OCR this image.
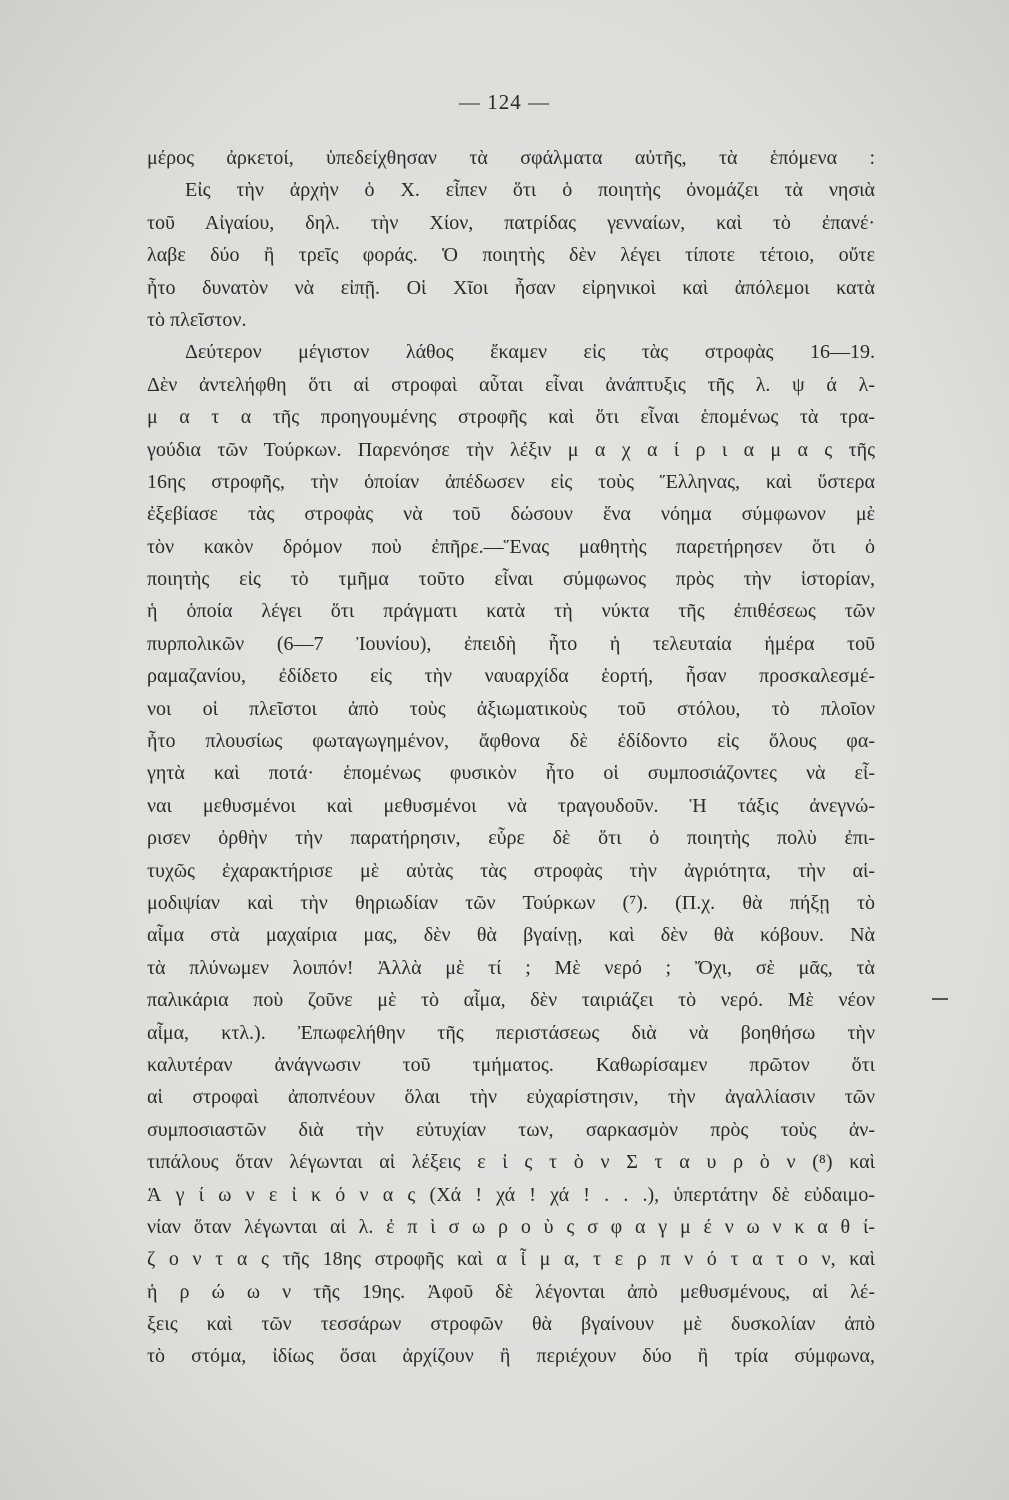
— 124 —
μέρος ἀρκετοί, ὑπεδείχθησαν τὰ σφάλματα αὐτῆς, τὰ ἑπόμενα :
Εἰς τὴν ἀρχὴν ὁ Χ. εἶπεν ὅτι ὁ ποιητὴς ὀνομάζει τὰ νησιὰ
τοῦ Αἰγαίου, δηλ. τὴν Χίον, πατρίδας γενναίων, καὶ τὸ ἐπανέ·
λαβε δύο ἢ τρεῖς φοράς. Ὁ ποιητὴς δὲν λέγει τίποτε τέτοιο, οὔτε
ἦτο δυνατὸν νὰ εἰπῇ. Οἱ Χῖοι ἦσαν εἰρηνικοὶ καὶ ἀπόλεμοι κατὰ
τὸ πλεῖστον.
Δεύτερον μέγιστον λάθος ἔκαμεν εἰς τὰς στροφὰς 16—19.
Δὲν ἀντελήφθη ὅτι αἱ στροφαὶ αὗται εἶναι ἀνάπτυξις τῆς λ. ψ ά λ-
μ α τ α τῆς προηγουμένης στροφῆς καὶ ὅτι εἶναι ἑπομένως τὰ τρα-
γούδια τῶν Τούρκων. Παρενόησε τὴν λέξιν μ α χ α ί ρ ι α μ α ς τῆς
16ης στροφῆς, τὴν ὁποίαν ἀπέδωσεν εἰς τοὺς Ἕλληνας, καὶ ὕστερα
ἐξεβίασε τὰς στροφὰς νὰ τοῦ δώσουν ἕνα νόημα σύμφωνον μὲ
τὸν κακὸν δρόμον ποὺ ἐπῆρε.—Ἕνας μαθητὴς παρετήρησεν ὅτι ὁ
ποιητὴς εἰς τὸ τμῆμα τοῦτο εἶναι σύμφωνος πρὸς τὴν ἱστορίαν,
ἡ ὁποία λέγει ὅτι πράγματι κατὰ τὴ νύκτα τῆς ἐπιθέσεως τῶν
πυρπολικῶν (6—7 Ἰουνίου), ἐπειδὴ ἦτο ἡ τελευταία ἡμέρα τοῦ
ραμαζανίου, ἐδίδετο εἰς τὴν ναυαρχίδα ἑορτή, ἦσαν προσκαλεσμέ-
νοι οἱ πλεῖστοι ἀπὸ τοὺς ἀξιωματικοὺς τοῦ στόλου, τὸ πλοῖον
ἦτο πλουσίως φωταγωγημένον, ἄφθονα δὲ ἐδίδοντο εἰς ὅλους φα-
γητὰ καὶ ποτά· ἑπομένως φυσικὸν ἦτο οἱ συμποσιάζοντες νὰ εἶ-
ναι μεθυσμένοι καὶ μεθυσμένοι νὰ τραγουδοῦν. Ἡ τάξις ἀνεγνώ-
ρισεν ὀρθὴν τὴν παρατήρησιν, εὗρε δὲ ὅτι ὁ ποιητὴς πολὺ ἐπι-
τυχῶς ἐχαρακτήρισε μὲ αὐτὰς τὰς στροφὰς τὴν ἀγριότητα, τὴν αἱ-
μοδιψίαν καὶ τὴν θηριωδίαν τῶν Τούρκων (⁷). (Π.χ. θὰ πήξῃ τὸ
αἷμα στὰ μαχαίρια μας, δὲν θὰ βγαίνῃ, καὶ δὲν θὰ κόβουν. Νὰ
τὰ πλύνωμεν λοιπόν! Ἀλλὰ μὲ τί ; Μὲ νερό ; Ὄχι, σὲ μᾶς, τὰ
παλικάρια ποὺ ζοῦνε μὲ τὸ αἷμα, δὲν ταιριάζει τὸ νερό. Μὲ νέον
αἷμα, κτλ.). Ἐπωφελήθην τῆς περιστάσεως διὰ νὰ βοηθήσω τὴν
καλυτέραν ἀνάγνωσιν τοῦ τμήματος. Καθωρίσαμεν πρῶτον ὅτι
αἱ στροφαὶ ἀποπνέουν ὅλαι τὴν εὐχαρίστησιν, τὴν ἀγαλλίασιν τῶν
συμποσιαστῶν διὰ τὴν εὐτυχίαν των, σαρκασμὸν πρὸς τοὺς ἀν-
τιπάλους ὅταν λέγωνται αἱ λέξεις ε ἰ ς τ ὸ ν Σ τ α υ ρ ὸ ν (⁸) καὶ
Ἁ γ ί ω ν ε ἰ κ ό ν α ς (Χά ! χά ! χά ! . . .), ὑπερτάτην δὲ εὐδαιμο-
νίαν ὅταν λέγωνται αἱ λ. ἐ π ὶ σ ω ρ ο ὺ ς σ φ α γ μ έ ν ω ν κ α θ ί-
ζ ο ν τ α ς τῆς 18ης στροφῆς καὶ α ἷ μ α, τ ε ρ π ν ό τ α τ ο ν, καὶ
ἡ ρ ώ ω ν τῆς 19ης. Ἀφοῦ δὲ λέγονται ἀπὸ μεθυσμένους, αἱ λέ-
ξεις καὶ τῶν τεσσάρων στροφῶν θὰ βγαίνουν μὲ δυσκολίαν ἀπὸ
τὸ στόμα, ἰδίως ὅσαι ἀρχίζουν ἢ περιέχουν δύο ἢ τρία σύμφωνα,
